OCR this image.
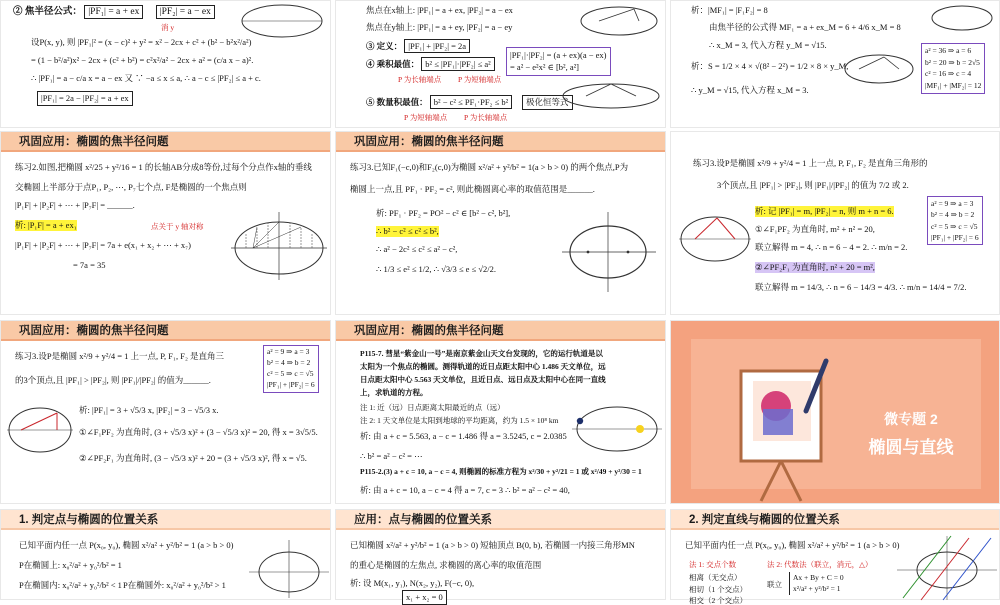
② 焦半径公式： |PF₁| = a + ex |PF₂| = a − ex
消 y
设P(x, y), 则 |PF₁|² = (x − c)² + y² = x² − 2cx + c² + (b² − b²x²/a²)
= (1 − b²/a²)x² − 2cx + (c² + b²) = c²x²/a² − 2cx + a² = (c/a x − a)².
∴ |PF₁| = a − c/a x = a − ex 又 ∵ −a ≤ x ≤ a, ∴ a − c ≤ |PF₂| ≤ a + c.
|PF₁| = 2a − |PF₂| = a + ex
焦点在x轴上: |PF₁| = a + ex, |PF₂| = a − ex
焦点在y轴上: |PF₁| = a + ey, |PF₂| = a − ey
③ 定义： |PF₁| + |PF₂| = 2a
④ 乘积最值： b² ≤ |PF₁|·|PF₂| ≤ a²
P 为长轴端点 P 为短轴端点
|PF₁|·|PF₂| = (a + ex)(a − ex)
= a² − e²x² ∈ [b², a²]
⑤ 数量积最值： b² − c² ≤ PF₁·PF₂ ≤ b²	极化恒等式
P 为短轴端点 P 为长轴端点
析：|MF₁| = |F₁F₂| = 8
由焦半径的公式得 MF₁ = a + ex_M = 6 + 4/6 x_M = 8
∴ x_M = 3, 代入方程 y_M = √15.
析：S = 1/2 × 4 × √(8² − 2²) = 1/2 × 8 × y_M,
∴ y_M = √15, 代入方程 x_M = 3.
a² = 36 ⇒ a = 6
b² = 20 ⇒ b = 2√5
c² = 16 ⇒ c = 4
|MF₁| + |MF₂| = 12
巩固应用：椭圆的焦半径问题
练习2.如图,把椭圆 x²/25 + y²/16 = 1 的长轴AB分成8等份,过每个分点作x轴的垂线
交椭圆上半部分于点P₁, P₂, ⋯, P₇七个点, F是椭圆的一个焦点则
|P₁F| + |P₂F| + ⋯ + |P₇F| = ______.
析: |P₁F| = a + ex₁	点关于 y 轴对称
|P₁F| + |P₂F| + ⋯ + |P₇F| = 7a + e(x₁ + x₂ + ⋯ + x₇)
= 7a = 35
巩固应用：椭圆的焦半径问题
练习3.已知F₁(−c,0)和F₂(c,0)为椭圆 x²/a² + y²/b² = 1(a > b > 0) 的两个焦点,P为
椭圆上一点,且 PF₁ · PF₂ = c², 则此椭圆离心率的取值范围是______.
析: PF₁ · PF₂ = PO² − c² ∈ [b² − c², b²],
∴ b² − c² ≤ c² ≤ b²,
∴ a² − 2c² ≤ c² ≤ a² − c²,
∴ 1/3 ≤ e² ≤ 1/2, ∴ √3/3 ≤ e ≤ √2/2.
练习3.设P是椭圆 x²/9 + y²/4 = 1 上一点, P, F₁, F₂ 是直角三角形的
3个顶点,且 |PF₁| > |PF₂|, 则 |PF₁|/|PF₂| 的值为 7/2 或 2.
析: 记 |PF₁| = m, |PF₂| = n, 则 m + n = 6.
①∠F₁PF₂ 为直角时, m² + n² = 20,
联立解得 m = 4, ∴ n = 6 − 4 = 2. ∴ m/n = 2.
②∠PF₂F₁ 为直角时, n² + 20 = m²,
联立解得 m = 14/3, ∴ n = 6 − 14/3 = 4/3. ∴ m/n = 14/4 = 7/2.
a² = 9 ⇒ a = 3
b² = 4 ⇒ b = 2
c² = 5 ⇒ c = √5
|PF₁| + |PF₂| = 6
巩固应用：椭圆的焦半径问题
练习3.设P是椭圆 x²/9 + y²/4 = 1 上一点, P, F₁, F₂ 是直角三
的3个顶点,且 |PF₁| > |PF₂|, 则 |PF₁|/|PF₂| 的值为______.
析: |PF₁| = 3 + √5/3 x, |PF₂| = 3 − √5/3 x.
①∠F₁PF₂ 为直角时, (3 + √5/3 x)² + (3 − √5/3 x)² = 20, 得 x = 3√5/5.
②∠PF₂F₁ 为直角时, (3 − √5/3 x)² + 20 = (3 + √5/3 x)², 得 x = √5.
a² = 9 ⇒ a = 3
b² = 4 ⇒ b = 2
c² = 5 ⇒ c = √5
|PF₁| + |PF₂| = 6
巩固应用：椭圆的焦半径问题
P115-7. 彗星“紫金山一号”是南京紫金山天文台发现的，它的运行轨道是以
太阳为一个焦点的椭圆。测得轨道的近日点距太阳中心 1.486 天文单位，远
日点距太阳中心 5.563 天文单位，且近日点、远日点及太阳中心在同一直线
上，求轨道的方程。
注 1: 近（远）日点距离太阳最近的点（远）
注 2: 1 天文单位是太阳到地球的平均距离，约为 1.5 × 10⁸ km
析: 由 a + c = 5.563, a − c = 1.486 得 a = 3.5245, c = 2.0385
∴ b² = a² − c² = ⋯
P115-2.(3) a + c = 10, a − c = 4, 则椭圆的标准方程为 x²/30 + y²/21 = 1 或 x²/49 + y²/30 = 1
析: 由 a + c = 10, a − c = 4 得 a = 7, c = 3 ∴ b² = a² − c² = 40,
微专题 2
椭圆与直线
1. 判定点与椭圆的位置关系
已知平面内任一点 P(x₀, y₀), 椭圆 x²/a² + y²/b² = 1 (a > b > 0)
P在椭圆上: x₀²/a² + y₀²/b² = 1
P在椭圆内: x₀²/a² + y₀²/b² < 1 P在椭圆外: x₀²/a² + y₀²/b² > 1
应用：点与椭圆的位置关系
已知椭圆 x²/a² + y²/b² = 1 (a > b > 0) 短轴顶点 B(0, b), 若椭圆一内接三角形MN
的重心是椭圆的左焦点, 求椭圆的离心率的取值范围
析: 设 M(x₁, y₁), N(x₂, y₂), F(−c, 0),
x₁ + x₂ = 0
2. 判定直线与椭圆的位置关系
已知平面内任一点 P(x₀, y₀), 椭圆 x²/a² + y²/b² = 1 (a > b > 0)
法 1: 交点个数	法 2: 代数法（联立，消元，△）
相离（无交点）
相切（1 个交点）
相交（2 个交点）
联立
Ax + By + C = 0
x²/a² + y²/b² = 1
